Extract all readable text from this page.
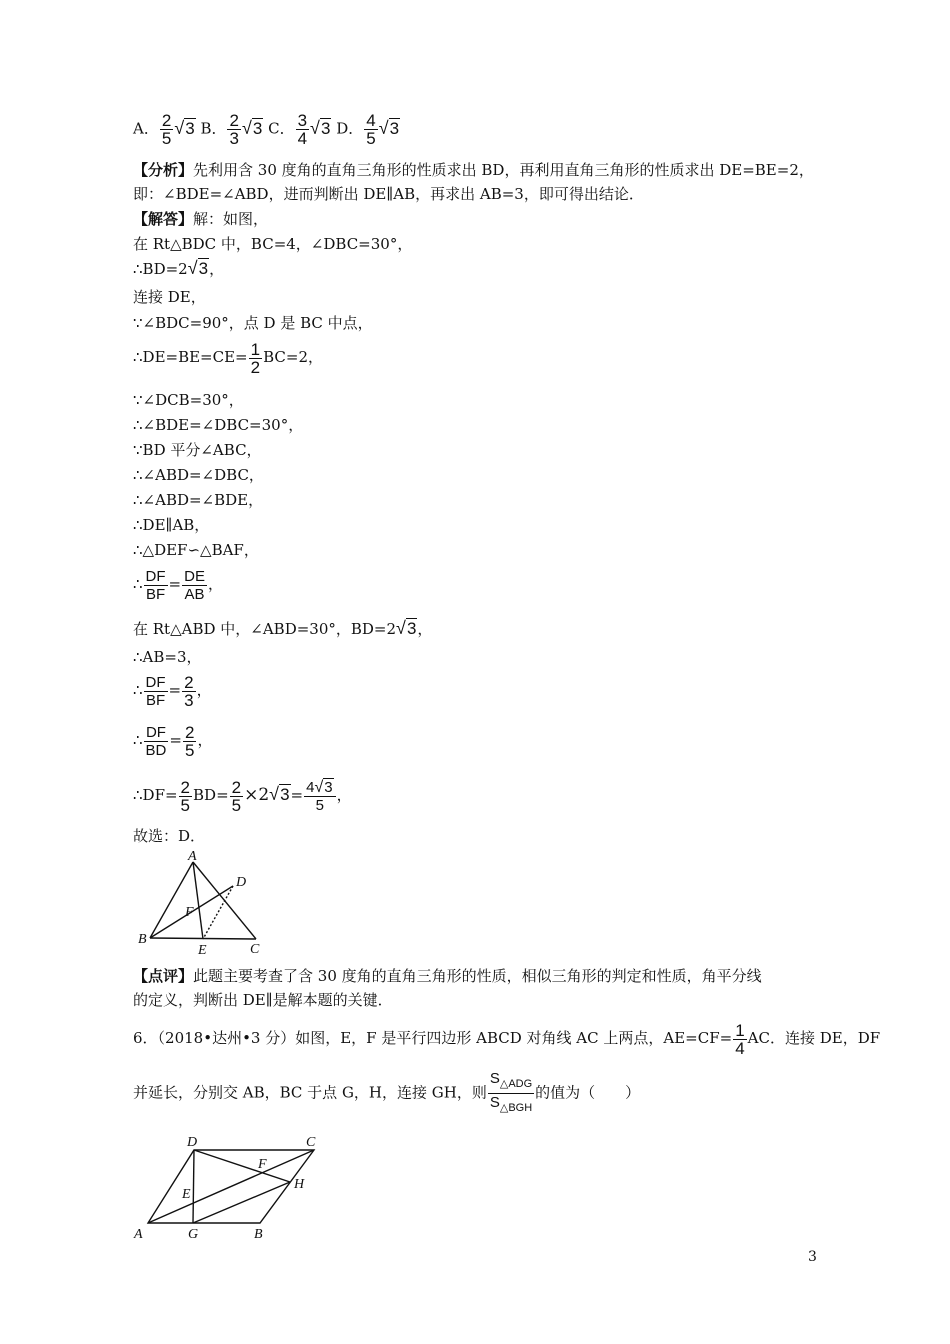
A． $\frac{2}{5} √3$ B． $\frac{2}{3} √3$ C． $\frac{3}{4} √3$ D． $\frac{4}{5} √3$
【分析】先利用含 30 度角的直角三角形的性质求出 BD，再利用直角三角形的性质求出 DE=BE=2，
即：∠BDE=∠ABD，进而判断出 DE∥AB，再求出 AB=3，即可得出结论．
【解答】解：如图，
在 Rt△BDC 中，BC=4，∠DBC=30°，
∴BD=2√3，
连接 DE，
∵∠BDC=90°，点 D 是 BC 中点，
∴DE=BE=CE= $\frac{1}{2} BC=2$，
∵∠DCB=30°，
∴∠BDE=∠DBC=30°，
∵BD 平分∠ABC，
∴∠ABD=∠DBC，
∴∠ABD=∠BDE，
∴DE∥AB，
∴△DEF∽△BAF，
∴ $\frac{DF}{BF} = \frac{DE}{AB}$ ，
在 Rt△ABD 中，∠ABD=30°，BD=2√3，
∴AB=3，
∴ $\frac{DF}{BF} = \frac{2}{3}$ ，
∴ $\frac{DF}{BD} = \frac{2}{5}$ ，
∴DF= $\frac{2}{5} BD= \frac{2}{5} \times 2√3= \frac{4√3}{5}$ ，
故选：D．
A
B
C
D
E
F
【点评】此题主要考查了含 30 度角的直角三角形的性质，相似三角形的判定和性质，角平分线
的定义，判断出 DE∥是解本题的关键．
6．（2018•达州•3 分）如图，E，F 是平行四边形 ABCD 对角线 AC 上两点，$AE=CF= \frac{1}{4}$ AC．连接 DE，DF
并延长，分别交 AB，BC 于点 G，H，连接 GH，则 $\frac{S_{\triangle ADG}}{S_{\triangle BGH}}$ 的值为（　　）
A	B
C
D
E
F
G
H
3
